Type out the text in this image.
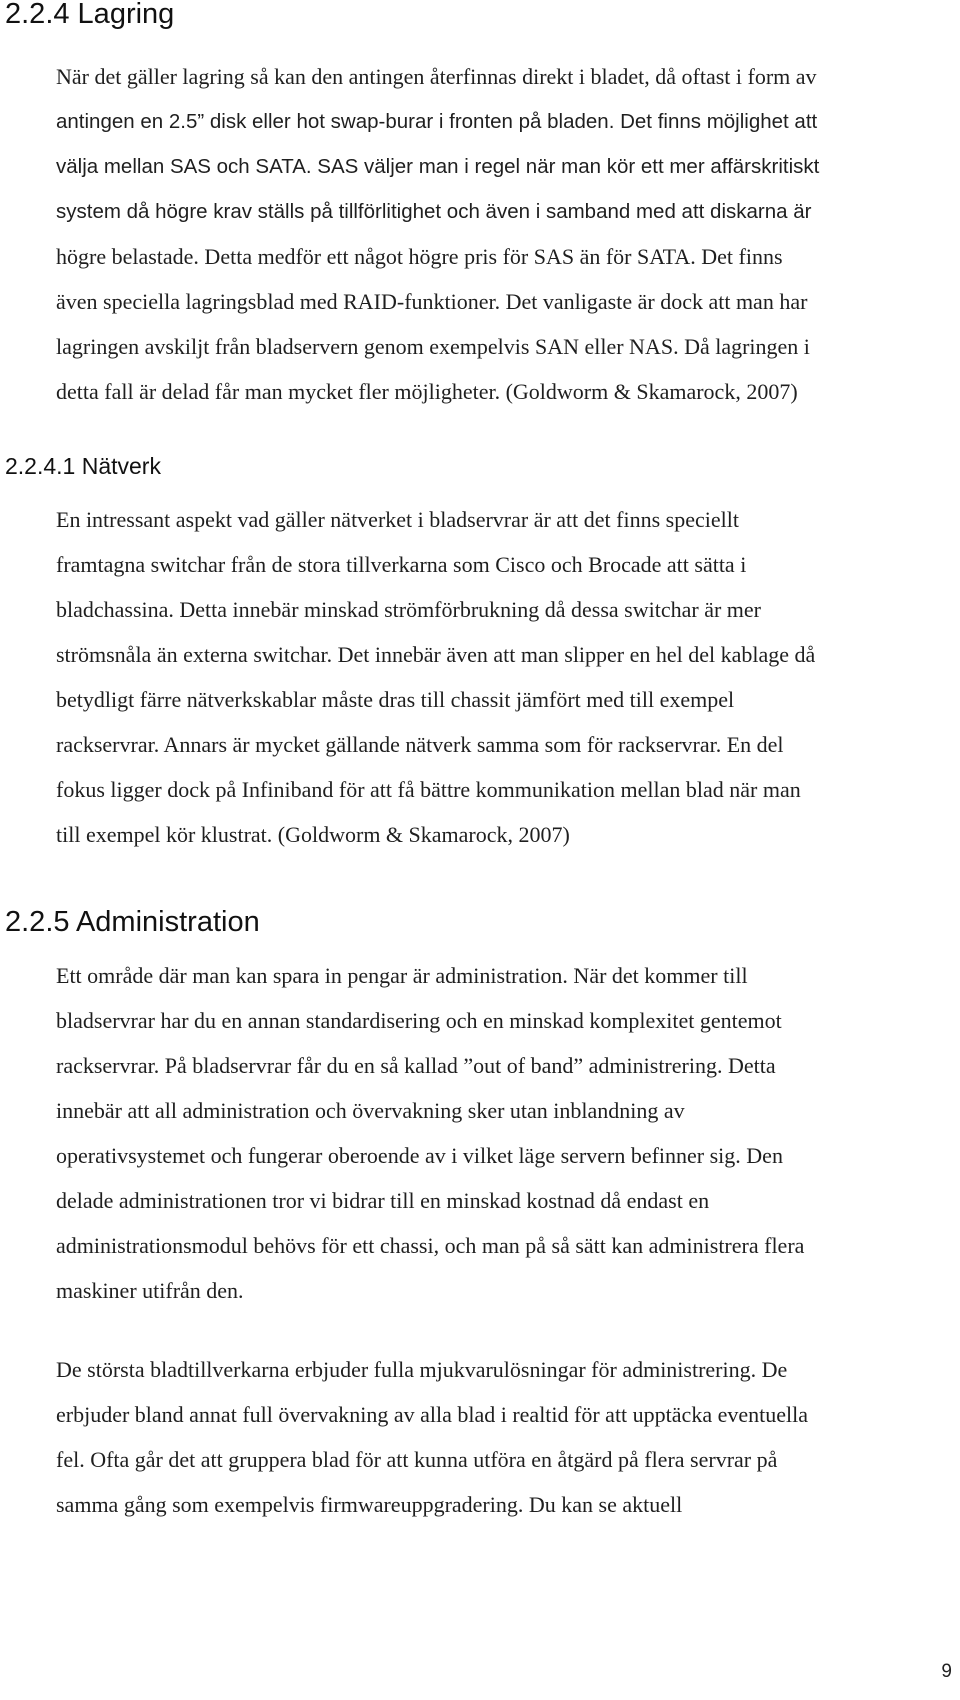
2.2.4 Lagring
När det gäller lagring så kan den antingen återfinnas direkt i bladet, då oftast i form av
antingen en 2.5” disk eller hot swap-burar i fronten på bladen. Det finns möjlighet att
välja mellan SAS och SATA. SAS väljer man i regel när man kör ett mer affärskritiskt
system då högre krav ställs på tillförlitighet och även i samband med att diskarna är
högre belastade. Detta medför ett något högre pris för SAS än för SATA. Det finns
även speciella lagringsblad med RAID-funktioner. Det vanligaste är dock att man har
lagringen avskiljt från bladservern genom exempelvis SAN eller NAS. Då lagringen i
detta fall är delad får man mycket fler möjligheter. (Goldworm & Skamarock, 2007)
2.2.4.1 Nätverk
En intressant aspekt vad gäller nätverket i bladservrar är att det finns speciellt
framtagna switchar från de stora tillverkarna som Cisco och Brocade att sätta i
bladchassina. Detta innebär minskad strömförbrukning då dessa switchar är mer
strömsnåla än externa switchar. Det innebär även att man slipper en hel del kablage då
betydligt färre nätverkskablar måste dras till chassit jämfört med till exempel
rackservrar. Annars är mycket gällande nätverk samma som för rackservrar. En del
fokus ligger dock på Infiniband för att få bättre kommunikation mellan blad när man
till exempel kör klustrat. (Goldworm & Skamarock, 2007)
2.2.5 Administration
Ett område där man kan spara in pengar är administration. När det kommer till
bladservrar har du en annan standardisering och en minskad komplexitet gentemot
rackservrar. På bladservrar får du en så kallad ”out of band” administrering. Detta
innebär att all administration och övervakning sker utan inblandning av
operativsystemet och fungerar oberoende av i vilket läge servern befinner sig. Den
delade administrationen tror vi bidrar till en minskad kostnad då endast en
administrationsmodul behövs för ett chassi, och man på så sätt kan administrera flera
maskiner utifrån den.
De största bladtillverkarna erbjuder fulla mjukvarulösningar för administrering. De
erbjuder bland annat full övervakning av alla blad i realtid för att upptäcka eventuella
fel. Ofta går det att gruppera blad för att kunna utföra en åtgärd på flera servrar på
samma gång som exempelvis firmwareuppgradering. Du kan se aktuell

9
